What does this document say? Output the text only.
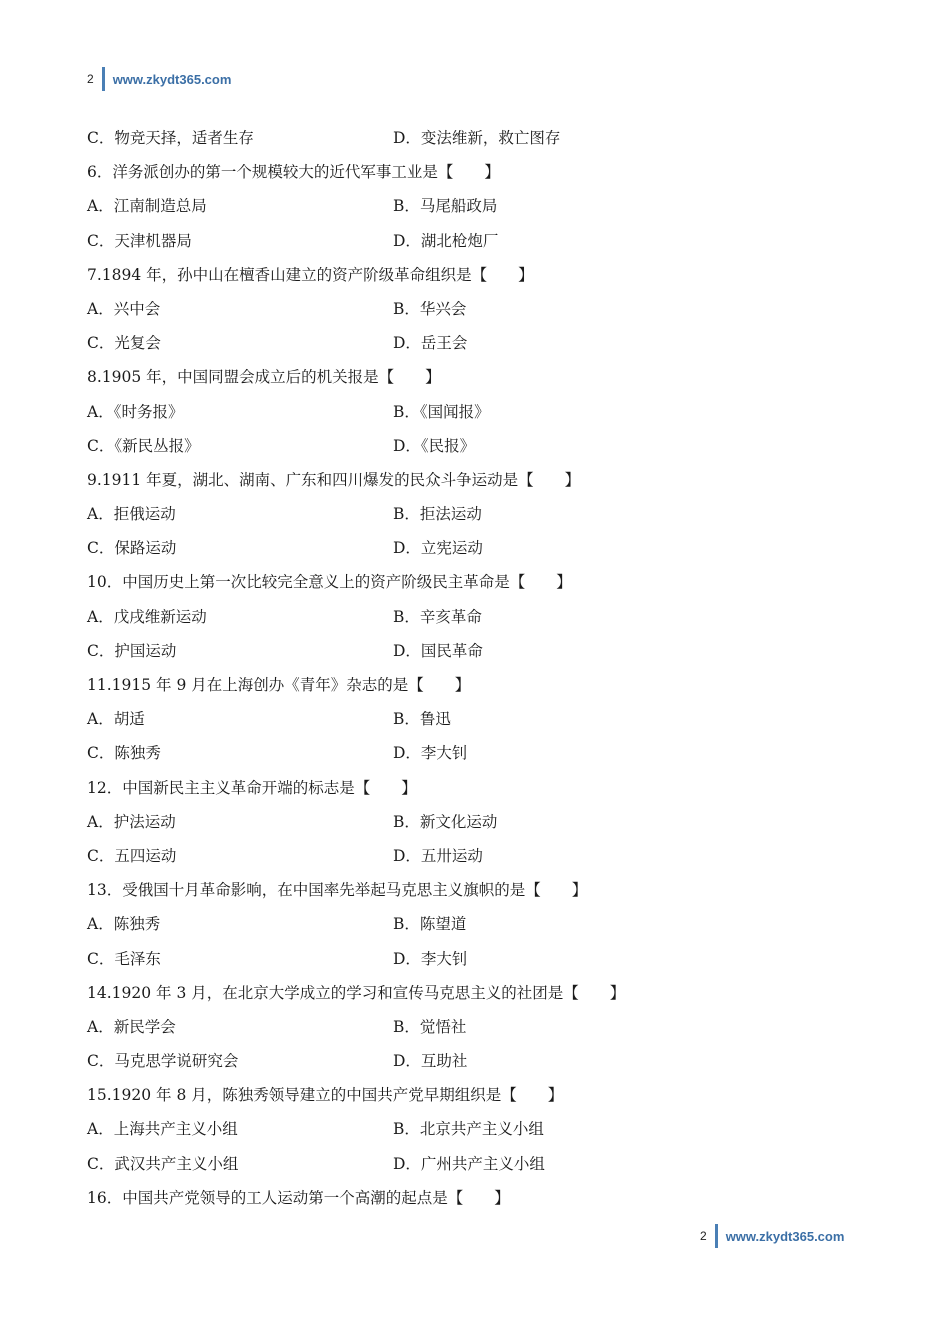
2 www.zkydt365.com
C．物竞天择，适者生存	D．变法维新，救亡图存
6．洋务派创办的第一个规模较大的近代军事工业是【　　】
A．江南制造总局	B．马尾船政局
C．天津机器局	D．湖北枪炮厂
7.1894 年，孙中山在檀香山建立的资产阶级革命组织是【　　】
A．兴中会	B．华兴会
C．光复会	D．岳王会
8.1905 年，中国同盟会成立后的机关报是【　　】
A．《时务报》	B．《国闻报》
C．《新民丛报》	D．《民报》
9.1911 年夏，湖北、湖南、广东和四川爆发的民众斗争运动是【　　】
A．拒俄运动	B．拒法运动
C．保路运动	D．立宪运动
10．中国历史上第一次比较完全意义上的资产阶级民主革命是【　　】
A．戊戌维新运动	B．辛亥革命
C．护国运动	D．国民革命
11.1915 年 9 月在上海创办《青年》杂志的是【　　】
A．胡适	B．鲁迅
C．陈独秀	D．李大钊
12．中国新民主主义革命开端的标志是【　　】
A．护法运动	B．新文化运动
C．五四运动	D．五卅运动
13．受俄国十月革命影响，在中国率先举起马克思主义旗帜的是【　　】
A．陈独秀	B．陈望道
C．毛泽东	D．李大钊
14.1920 年 3 月，在北京大学成立的学习和宣传马克思主义的社团是【　　】
A．新民学会	B．觉悟社
C．马克思学说研究会	D．互助社
15.1920 年 8 月，陈独秀领导建立的中国共产党早期组织是【　　】
A．上海共产主义小组	B．北京共产主义小组
C．武汉共产主义小组	D．广州共产主义小组
16．中国共产党领导的工人运动第一个高潮的起点是【　　】
2 www.zkydt365.com
